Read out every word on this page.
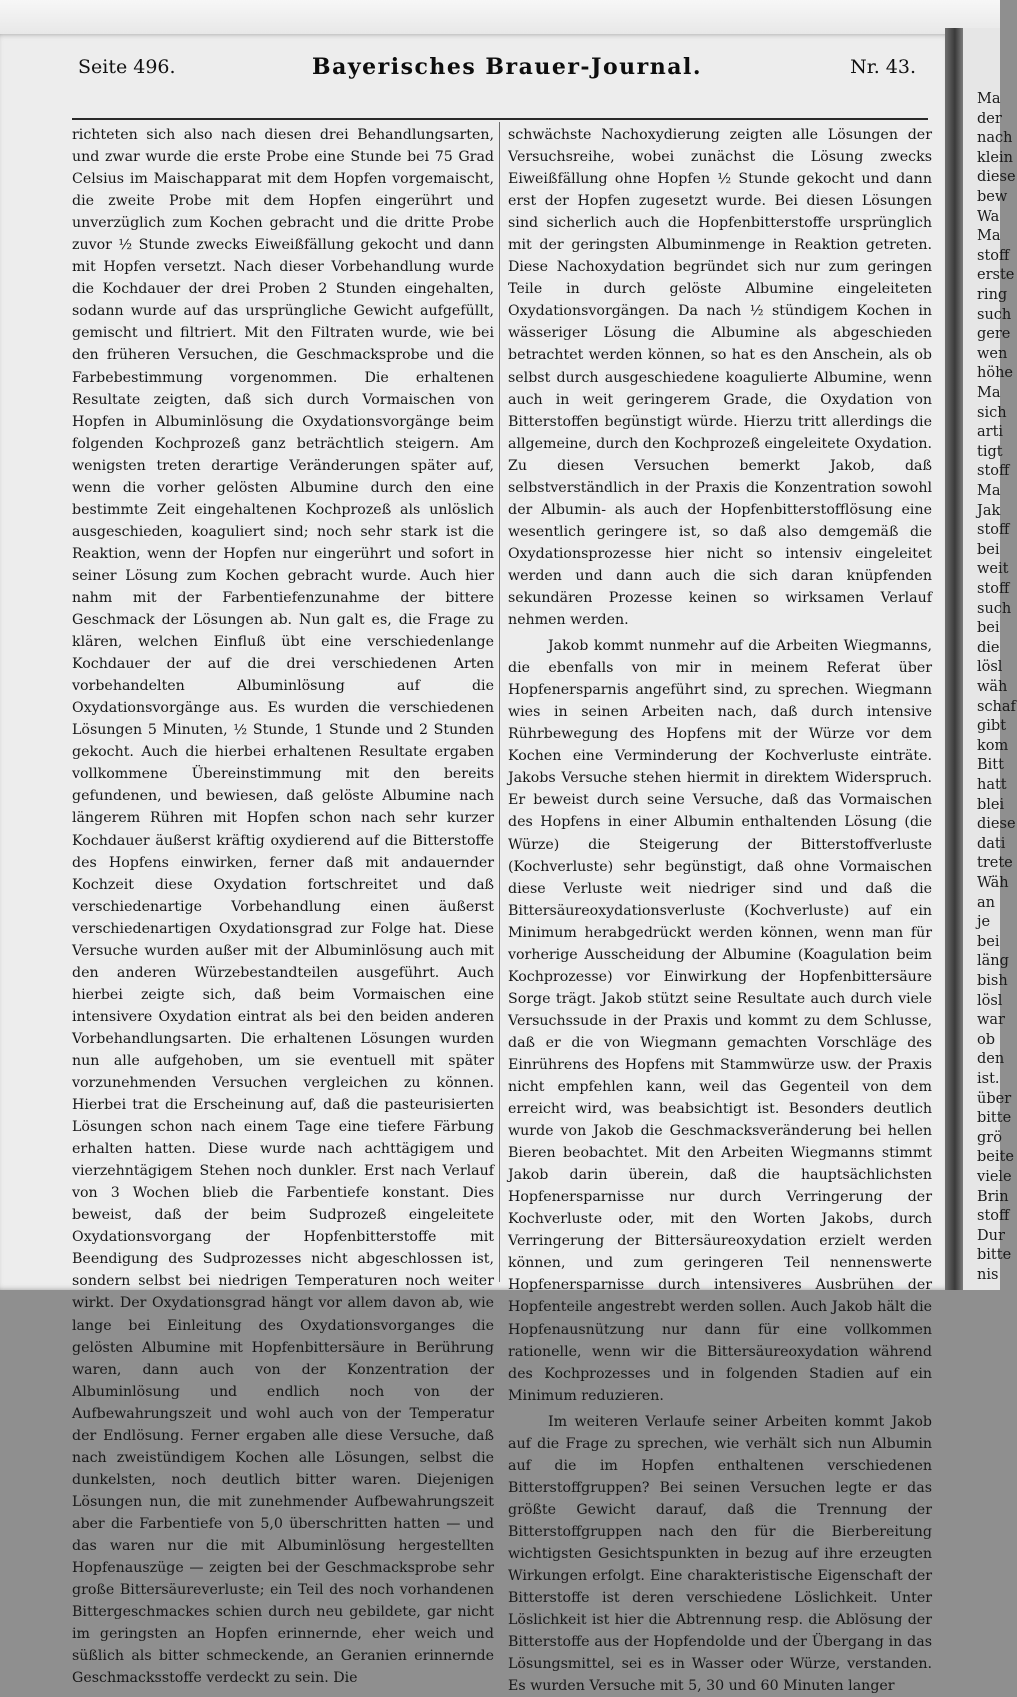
Seite 496.	Bayerisches Brauer-Journal.	Nr. 43.

richteten sich also nach diesen drei Behandlungsarten, und zwar wurde die erste Probe eine Stunde bei 75 Grad Celsius im Maischapparat mit dem Hopfen vorgemaischt, die zweite Probe mit dem Hopfen eingerührt und unverzüglich zum Kochen gebracht und die dritte Probe zuvor ½ Stunde zwecks Eiweißfällung gekocht und dann mit Hopfen versetzt. Nach dieser Vorbehandlung wurde die Kochdauer der drei Proben 2 Stunden eingehalten, sodann wurde auf das ursprüngliche Gewicht aufgefüllt, gemischt und filtriert. Mit den Filtraten wurde, wie bei den früheren Versuchen, die Geschmacksprobe und die Farbebestimmung vorgenommen. Die erhaltenen Resultate zeigten, daß sich durch Vormaischen von Hopfen in Albuminlösung die Oxydationsvorgänge beim folgenden Kochprozeß ganz beträchtlich steigern. Am wenigsten treten derartige Veränderungen später auf, wenn die vorher gelösten Albumine durch den eine bestimmte Zeit eingehaltenen Kochprozeß als unlöslich ausgeschieden, koaguliert sind; noch sehr stark ist die Reaktion, wenn der Hopfen nur eingerührt und sofort in seiner Lösung zum Kochen gebracht wurde. Auch hier nahm mit der Farbentiefenzunahme der bittere Geschmack der Lösungen ab. Nun galt es, die Frage zu klären, welchen Einfluß übt eine verschiedenlange Kochdauer der auf die drei verschiedenen Arten vorbehandelten Albuminlösung auf die Oxydationsvorgänge aus. Es wurden die verschiedenen Lösungen 5 Minuten, ½ Stunde, 1 Stunde und 2 Stunden gekocht. Auch die hierbei erhaltenen Resultate ergaben vollkommene Übereinstimmung mit den bereits gefundenen, und bewiesen, daß gelöste Albumine nach längerem Rühren mit Hopfen schon nach sehr kurzer Kochdauer äußerst kräftig oxydierend auf die Bitterstoffe des Hopfens einwirken, ferner daß mit andauernder Kochzeit diese Oxydation fortschreitet und daß verschiedenartige Vorbehandlung einen äußerst verschiedenartigen Oxydationsgrad zur Folge hat. Diese Versuche wurden außer mit der Albuminlösung auch mit den anderen Würzebestandteilen ausgeführt. Auch hierbei zeigte sich, daß beim Vormaischen eine intensivere Oxydation eintrat als bei den beiden anderen Vorbehandlungsarten. Die erhaltenen Lösungen wurden nun alle aufgehoben, um sie eventuell mit später vorzunehmenden Versuchen vergleichen zu können. Hierbei trat die Erscheinung auf, daß die pasteurisierten Lösungen schon nach einem Tage eine tiefere Färbung erhalten hatten. Diese wurde nach achttägigem und vierzehntägigem Stehen noch dunkler. Erst nach Verlauf von 3 Wochen blieb die Farbentiefe konstant. Dies beweist, daß der beim Sudprozeß eingeleitete Oxydationsvorgang der Hopfenbitterstoffe mit Beendigung des Sudprozesses nicht abgeschlossen ist, sondern selbst bei niedrigen Temperaturen noch weiter wirkt. Der Oxydationsgrad hängt vor allem davon ab, wie lange bei Einleitung des Oxydationsvorganges die gelösten Albumine mit Hopfenbittersäure in Berührung waren, dann auch von der Konzentration der Albuminlösung und endlich noch von der Aufbewahrungszeit und wohl auch von der Temperatur der Endlösung. Ferner ergaben alle diese Versuche, daß nach zweistündigem Kochen alle Lösungen, selbst die dunkelsten, noch deutlich bitter waren. Diejenigen Lösungen nun, die mit zunehmender Aufbewahrungszeit aber die Farbentiefe von 5,0 überschritten hatten — und das waren nur die mit Albuminlösung hergestellten Hopfenauszüge — zeigten bei der Geschmacksprobe sehr große Bittersäureverluste; ein Teil des noch vorhandenen Bittergeschmackes schien durch neu gebildete, gar nicht im geringsten an Hopfen erinnernde, eher weich und süßlich als bitter schmeckende, an Geranien erinnernde Geschmacksstoffe verdeckt zu sein. Die

schwächste Nachoxydierung zeigten alle Lösungen der Versuchsreihe, wobei zunächst die Lösung zwecks Eiweißfällung ohne Hopfen ½ Stunde gekocht und dann erst der Hopfen zugesetzt wurde. Bei diesen Lösungen sind sicherlich auch die Hopfenbitterstoffe ursprünglich mit der geringsten Albuminmenge in Reaktion getreten. Diese Nachoxydation begründet sich nur zum geringen Teile in durch gelöste Albumine eingeleiteten Oxydationsvorgängen. Da nach ½ stündigem Kochen in wässeriger Lösung die Albumine als abgeschieden betrachtet werden können, so hat es den Anschein, als ob selbst durch ausgeschiedene koagulierte Albumine, wenn auch in weit geringerem Grade, die Oxydation von Bitterstoffen begünstigt würde. Hierzu tritt allerdings die allgemeine, durch den Kochprozeß eingeleitete Oxydation. Zu diesen Versuchen bemerkt Jakob, daß selbstverständlich in der Praxis die Konzentration sowohl der Albumin- als auch der Hopfenbitterstofflösung eine wesentlich geringere ist, so daß also demgemäß die Oxydationsprozesse hier nicht so intensiv eingeleitet werden und dann auch die sich daran knüpfenden sekundären Prozesse keinen so wirksamen Verlauf nehmen werden.

Jakob kommt nunmehr auf die Arbeiten Wiegmanns, die ebenfalls von mir in meinem Referat über Hopfenersparnis angeführt sind, zu sprechen. Wiegmann wies in seinen Arbeiten nach, daß durch intensive Rührbewegung des Hopfens mit der Würze vor dem Kochen eine Verminderung der Kochverluste einträte. Jakobs Versuche stehen hiermit in direktem Widerspruch. Er beweist durch seine Versuche, daß das Vormaischen des Hopfens in einer Albumin enthaltenden Lösung (die Würze) die Steigerung der Bitterstoffverluste (Kochverluste) sehr begünstigt, daß ohne Vormaischen diese Verluste weit niedriger sind und daß die Bittersäureoxydationsverluste (Kochverluste) auf ein Minimum herabgedrückt werden können, wenn man für vorherige Ausscheidung der Albumine (Koagulation beim Kochprozesse) vor Einwirkung der Hopfenbittersäure Sorge trägt. Jakob stützt seine Resultate auch durch viele Versuchssude in der Praxis und kommt zu dem Schlusse, daß er die von Wiegmann gemachten Vorschläge des Einrührens des Hopfens mit Stammwürze usw. der Praxis nicht empfehlen kann, weil das Gegenteil von dem erreicht wird, was beabsichtigt ist. Besonders deutlich wurde von Jakob die Geschmacksveränderung bei hellen Bieren beobachtet. Mit den Arbeiten Wiegmanns stimmt Jakob darin überein, daß die hauptsächlichsten Hopfenersparnisse nur durch Verringerung der Kochverluste oder, mit den Worten Jakobs, durch Verringerung der Bittersäureoxydation erzielt werden können, und zum geringeren Teil nennenswerte Hopfenersparnisse durch intensiveres Ausbrühen der Hopfenteile angestrebt werden sollen. Auch Jakob hält die Hopfenausnützung nur dann für eine vollkommen rationelle, wenn wir die Bittersäureoxydation während des Kochprozesses und in folgenden Stadien auf ein Minimum reduzieren.

Im weiteren Verlaufe seiner Arbeiten kommt Jakob auf die Frage zu sprechen, wie verhält sich nun Albumin auf die im Hopfen enthaltenen verschiedenen Bitterstoffgruppen? Bei seinen Versuchen legte er das größte Gewicht darauf, daß die Trennung der Bitterstoffgruppen nach den für die Bierbereitung wichtigsten Gesichtspunkten in bezug auf ihre erzeugten Wirkungen erfolgt. Eine charakteristische Eigenschaft der Bitterstoffe ist deren verschiedene Löslichkeit. Unter Löslichkeit ist hier die Abtrennung resp. die Ablösung der Bitterstoffe aus der Hopfendolde und der Übergang in das Lösungsmittel, sei es in Wasser oder Würze, verstanden. Es wurden Versuche mit 5, 30 und 60 Minuten langer

Ma
der
nach
klein
diese
bew
Wa
Ma
stoff
erste
ring
such
gere
wen
höhe
Ma
sich
arti
tigt
stoff
Ma
Jak
stoff
bei
weit
stoff
such
bei
die
lösl
wäh
schaf
gibt
kom
Bitt
hatt
blei
diese
dati
trete
Wäh
an
je
bei
läng
bish
lösl
war
ob
den
ist.
über
bitte
grö
beite
viele
Brin
stoff
Dur
bitte
nis
